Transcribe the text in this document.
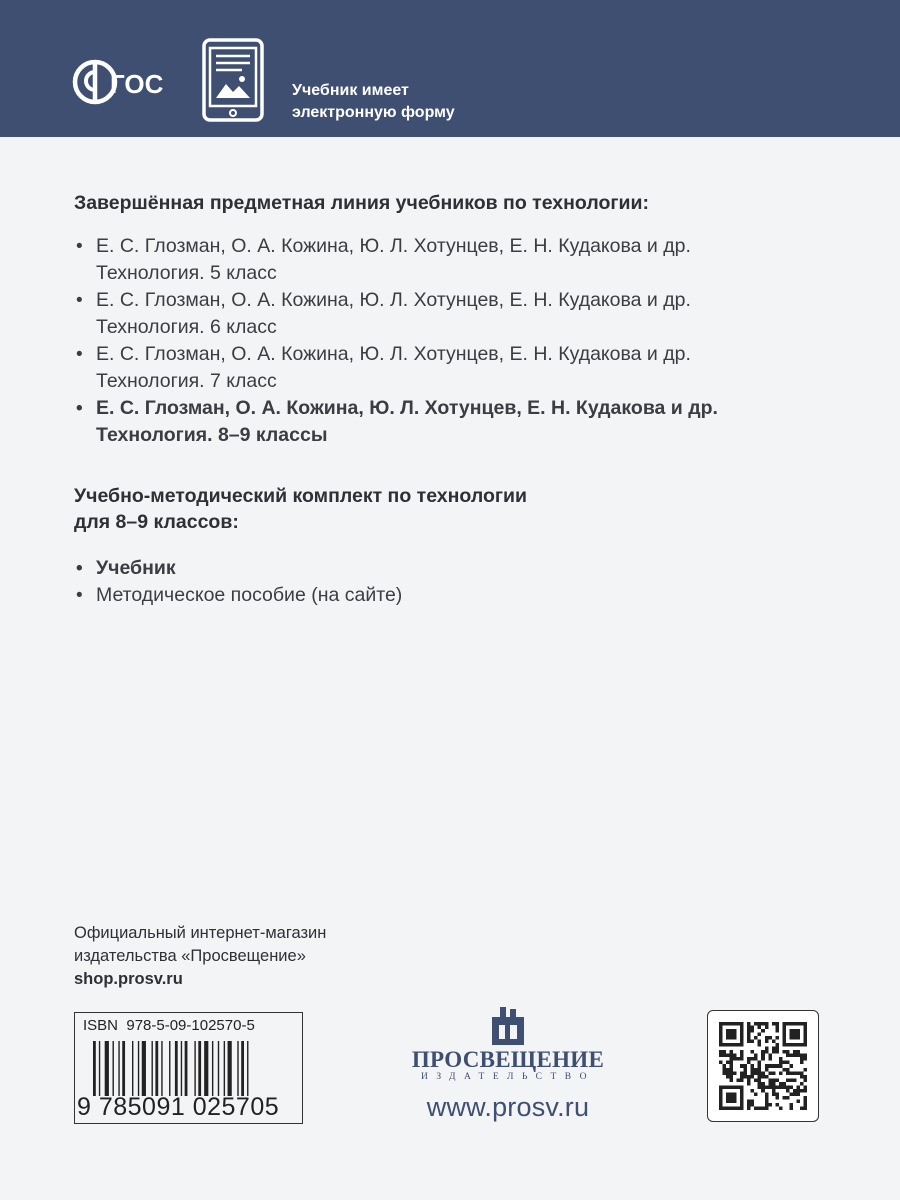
ГОС	Учебник имеет
электронную форму
Завершённая предметная линия учебников по технологии:
• Е. С. Глозман, О. А. Кожина, Ю. Л. Хотунцев, Е. Н. Кудакова и др.
Технология. 5 класс
• Е. С. Глозман, О. А. Кожина, Ю. Л. Хотунцев, Е. Н. Кудакова и др.
Технология. 6 класс
• Е. С. Глозман, О. А. Кожина, Ю. Л. Хотунцев, Е. Н. Кудакова и др.
Технология. 7 класс
• Е. С. Глозман, О. А. Кожина, Ю. Л. Хотунцев, Е. Н. Кудакова и др.
Технология. 8–9 классы
Учебно-методический комплект по технологии
для 8–9 классов:
• Учебник
• Методическое пособие (на сайте)
Официальный интернет-магазин
издательства «Просвещение»
shop.prosv.ru
ISBN 978-5-09-102570-5
9 785091 025705
ПРОСВЕЩЕНИЕ
ИЗДАТЕЛЬСТВО
www.prosv.ru
